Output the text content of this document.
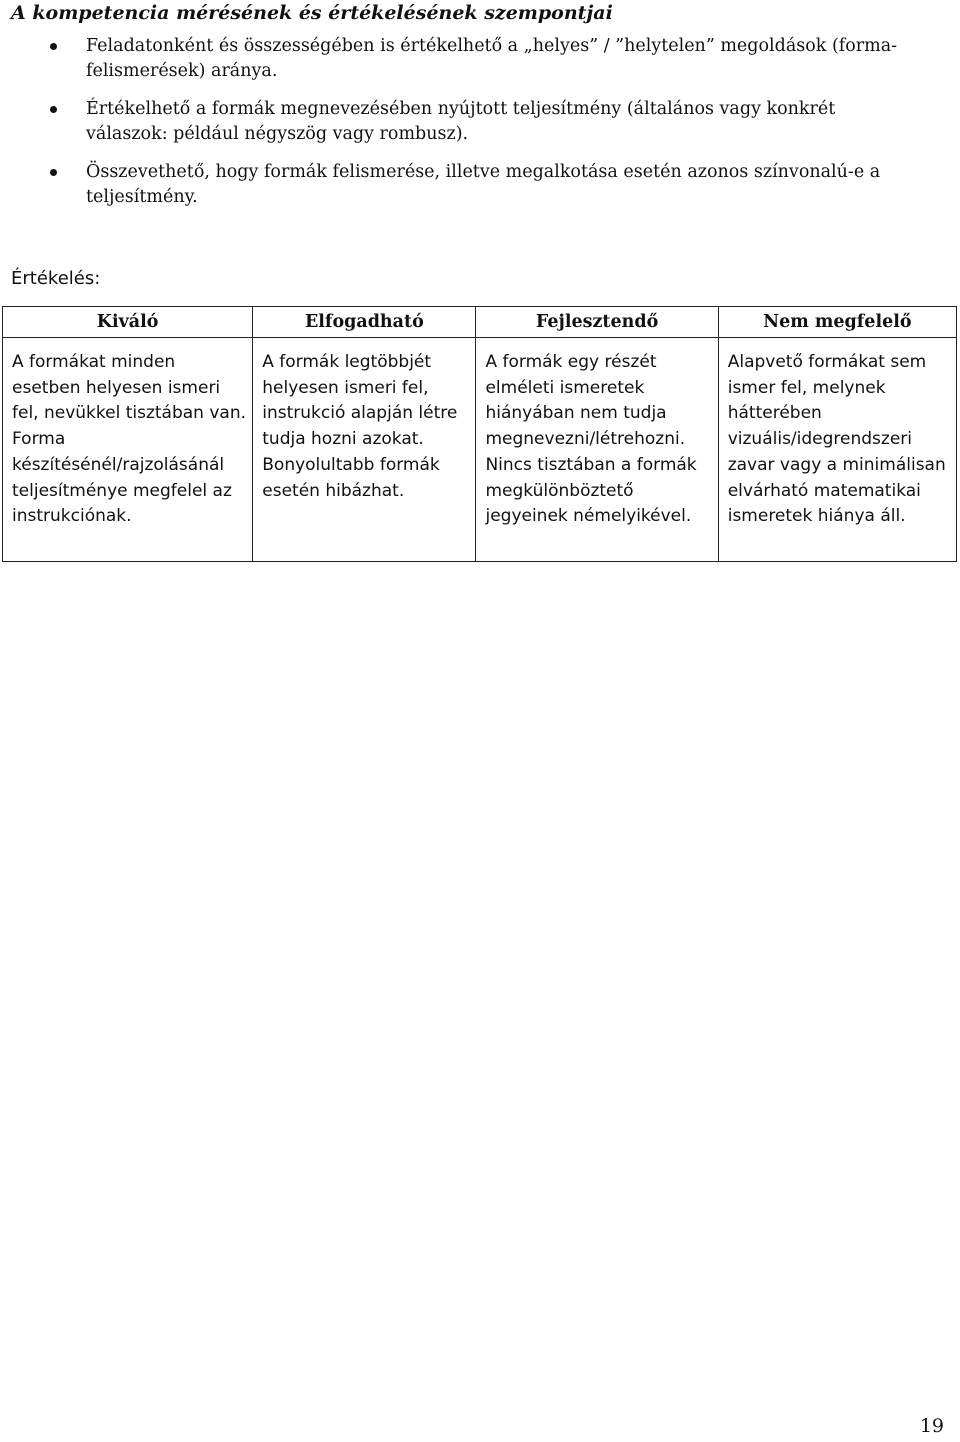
A kompetencia mérésének és értékelésének szempontjai
Feladatonként és összességében is értékelhető a „helyes” / ”helytelen” megoldások (forma-felismerések) aránya.
Értékelhető a formák megnevezésében nyújtott teljesítmény (általános vagy konkrét válaszok: például négyszög vagy rombusz).
Összevethető, hogy formák felismerése, illetve megalkotása esetén azonos színvonalú-e a teljesítmény.

Értékelés:

Kiváló	Elfogadható	Fejlesztendő	Nem megfelelő
A formákat minden esetben helyesen ismeri fel, nevükkel tisztában van. Forma készítésénél/rajzolásánál teljesítménye megfelel az instrukciónak.	A formák legtöbbjét helyesen ismeri fel, instrukció alapján létre tudja hozni azokat. Bonyolultabb formák esetén hibázhat.	A formák egy részét elméleti ismeretek hiányában nem tudja megnevezni/létrehozni. Nincs tisztában a formák megkülönböztető jegyeinek némelyikével.	Alapvető formákat sem ismer fel, melynek hátterében vizuális/idegrendszeri zavar vagy a minimálisan elvárható matematikai ismeretek hiánya áll.
19
